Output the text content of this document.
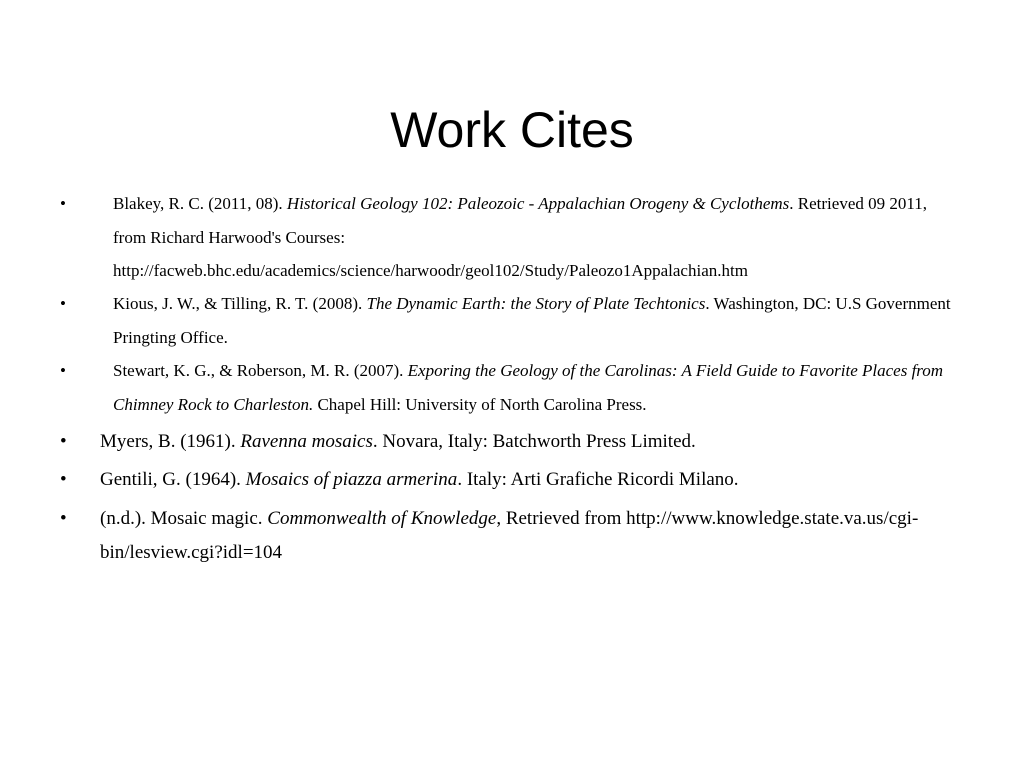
Work Cites
•	Blakey, R. C. (2011, 08). Historical Geology 102: Paleozoic - Appalachian Orogeny & Cyclothems. Retrieved 09 2011, from Richard Harwood's Courses: http://facweb.bhc.edu/academics/science/harwoodr/geol102/Study/Paleozo1Appalachian.htm
•	Kious, J. W., & Tilling, R. T. (2008). The Dynamic Earth: the Story of Plate Techtonics. Washington, DC: U.S Government Pringting Office.
•	Stewart, K. G., & Roberson, M. R. (2007). Exporing the Geology of the Carolinas: A Field Guide to Favorite Places from Chimney Rock to Charleston. Chapel Hill: University of North Carolina Press.
• Myers, B. (1961). Ravenna mosaics. Novara, Italy: Batchworth Press Limited.
• Gentili, G. (1964). Mosaics of piazza armerina. Italy: Arti Grafiche Ricordi Milano.
• (n.d.). Mosaic magic. Commonwealth of Knowledge, Retrieved from http://www.knowledge.state.va.us/cgi-bin/lesview.cgi?idl=104
